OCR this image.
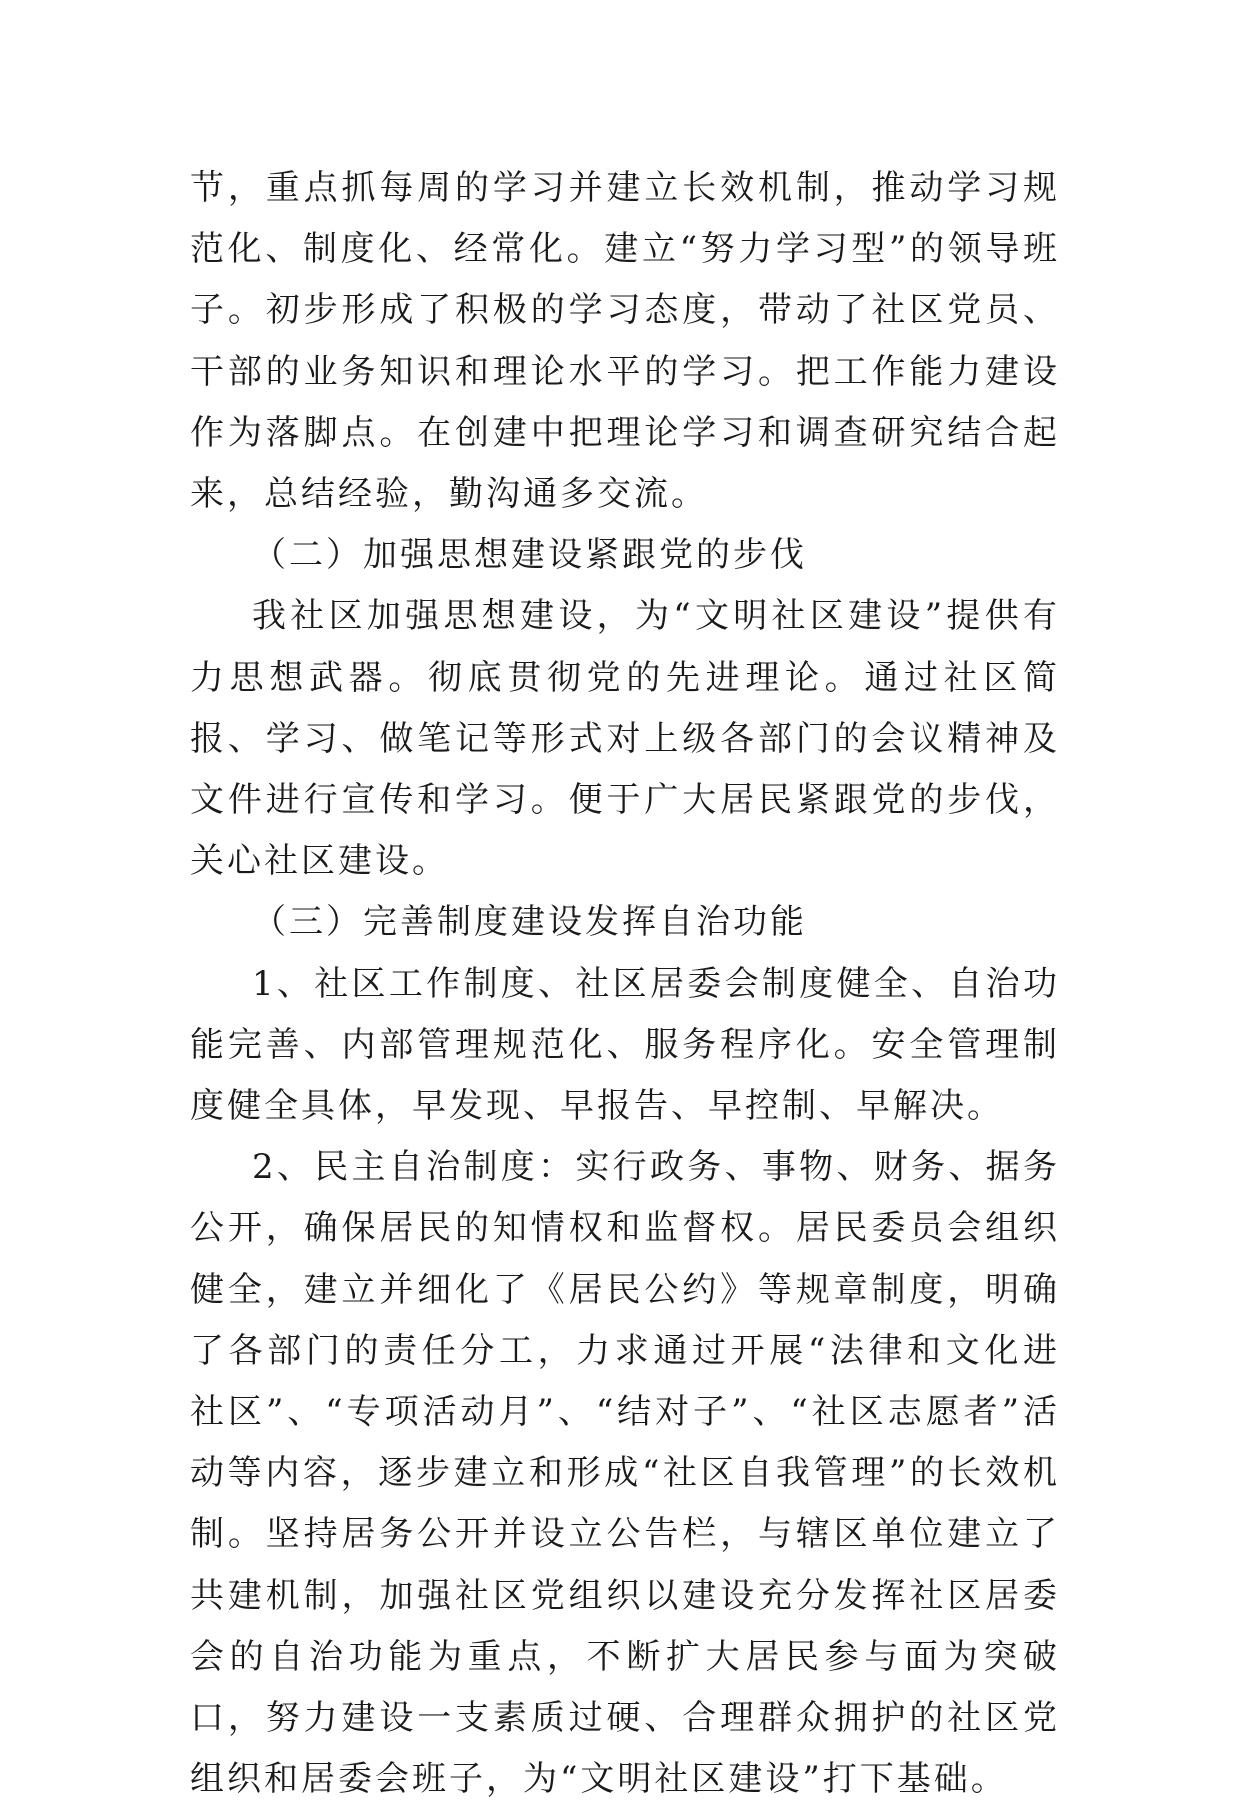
节，重点抓每周的学习并建立长效机制，推动学习规范化、制度化、经常化。建立“努力学习型”的领导班子。初步形成了积极的学习态度，带动了社区党员、干部的业务知识和理论水平的学习。把工作能力建设作为落脚点。在创建中把理论学习和调查研究结合起来，总结经验，勤沟通多交流。

（二）加强思想建设紧跟党的步伐

我社区加强思想建设，为“文明社区建设”提供有力思想武器。彻底贯彻党的先进理论。通过社区简报、学习、做笔记等形式对上级各部门的会议精神及文件进行宣传和学习。便于广大居民紧跟党的步伐，关心社区建设。

（三）完善制度建设发挥自治功能

1、社区工作制度、社区居委会制度健全、自治功能完善、内部管理规范化、服务程序化。安全管理制度健全具体，早发现、早报告、早控制、早解决。

2、民主自治制度：实行政务、事物、财务、据务公开，确保居民的知情权和监督权。居民委员会组织健全，建立并细化了《居民公约》等规章制度，明确了各部门的责任分工，力求通过开展“法律和文化进社区”、“专项活动月”、“结对子”、“社区志愿者”活动等内容，逐步建立和形成“社区自我管理”的长效机制。坚持居务公开并设立公告栏，与辖区单位建立了共建机制，加强社区党组织以建设充分发挥社区居委会的自治功能为重点，不断扩大居民参与面为突破口，努力建设一支素质过硬、合理群众拥护的社区党组织和居委会班子，为“文明社区建设”打下基础。
